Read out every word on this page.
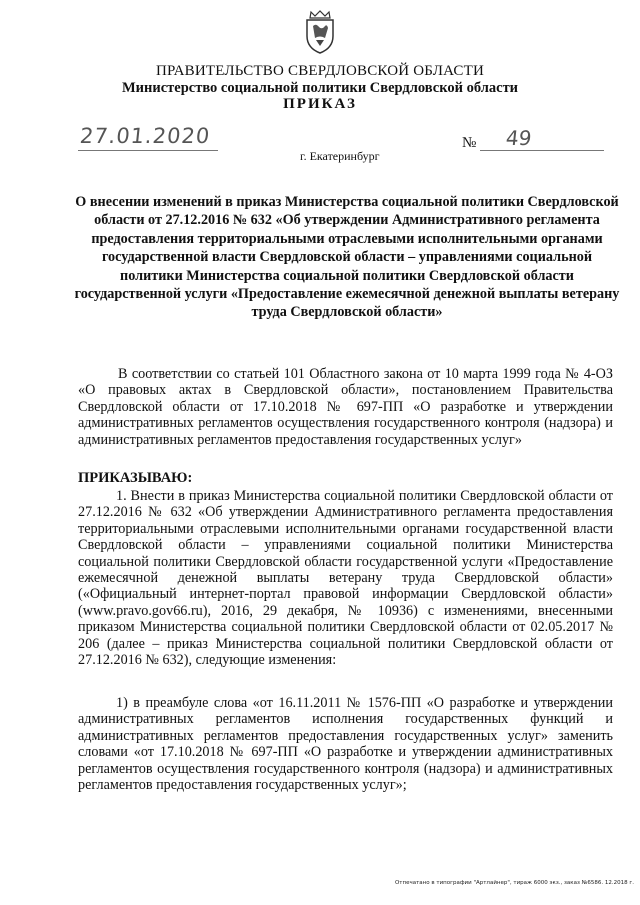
ПРАВИТЕЛЬСТВО СВЕРДЛОВСКОЙ ОБЛАСТИ
Министерство социальной политики Свердловской области
ПРИКАЗ
27.01.2020	№ 49
г. Екатеринбург
О внесении изменений в приказ Министерства социальной политики Свердловской области от 27.12.2016 № 632 «Об утверждении Административного регламента предоставления территориальными отраслевыми исполнительными органами государственной власти Свердловской области – управлениями социальной политики Министерства социальной политики Свердловской области государственной услуги «Предоставление ежемесячной денежной выплаты ветерану труда Свердловской области»
В соответствии со статьей 101 Областного закона от 10 марта 1999 года № 4-ОЗ «О правовых актах в Свердловской области», постановлением Правительства Свердловской области от 17.10.2018 № 697-ПП «О разработке и утверждении административных регламентов осуществления государственного контроля (надзора) и административных регламентов предоставления государственных услуг»
ПРИКАЗЫВАЮ:
1. Внести в приказ Министерства социальной политики Свердловской области от 27.12.2016 № 632 «Об утверждении Административного регламента предоставления территориальными отраслевыми исполнительными органами государственной власти Свердловской области – управлениями социальной политики Министерства социальной политики Свердловской области государственной услуги «Предоставление ежемесячной денежной выплаты ветерану труда Свердловской области» («Официальный интернет-портал правовой информации Свердловской области» (www.pravo.gov66.ru), 2016, 29 декабря, № 10936) с изменениями, внесенными приказом Министерства социальной политики Свердловской области от 02.05.2017 № 206 (далее – приказ Министерства социальной политики Свердловской области от 27.12.2016 № 632), следующие изменения:
1) в преамбуле слова «от 16.11.2011 № 1576-ПП «О разработке и утверждении административных регламентов исполнения государственных функций и административных регламентов предоставления государственных услуг» заменить словами «от 17.10.2018 № 697-ПП «О разработке и утверждении административных регламентов осуществления государственного контроля (надзора) и административных регламентов предоставления государственных услуг»;
Отпечатано в типографии "Артлайнер", тираж 6000 экз., заказ №6586. 12.2018 г.
